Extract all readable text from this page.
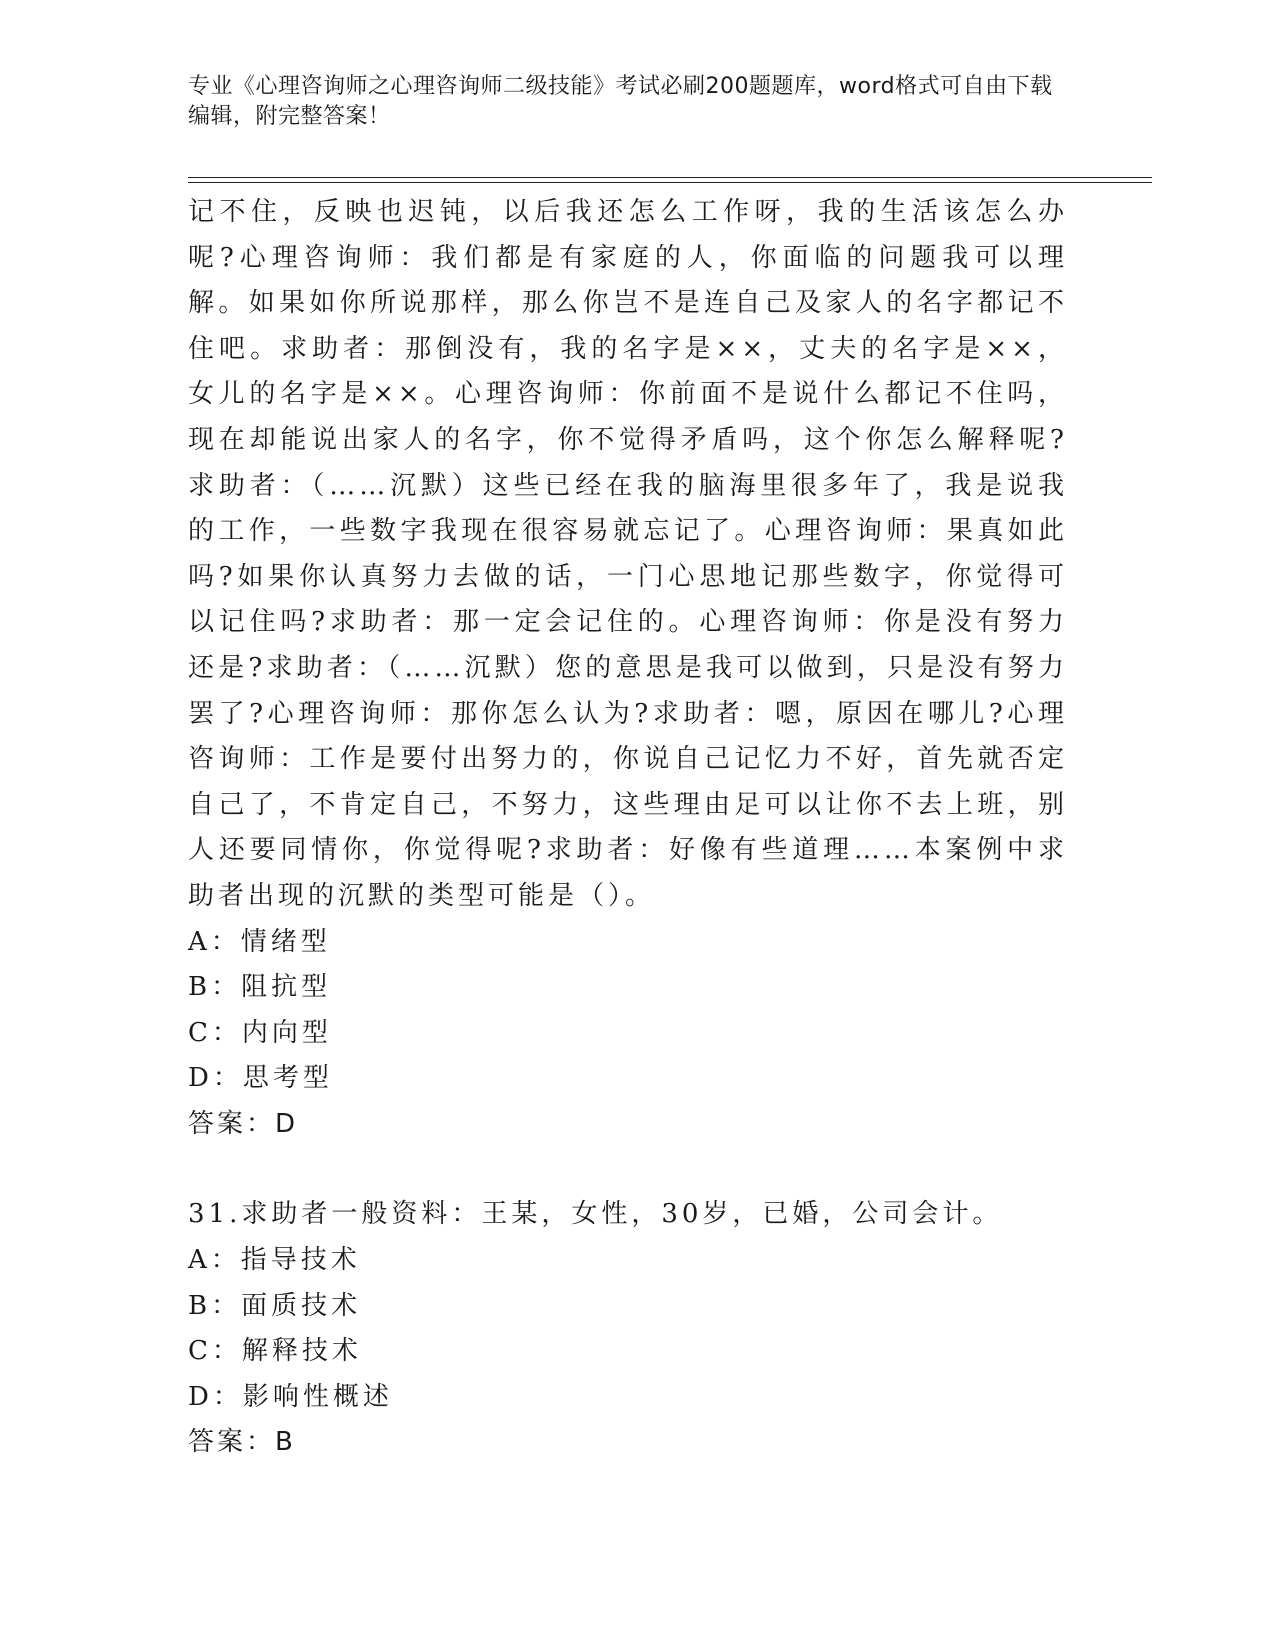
专业《心理咨询师之心理咨询师二级技能》考试必刷200题题库，word格式可自由下载编辑，附完整答案！

记不住，反映也迟钝，以后我还怎么工作呀，我的生活该怎么办呢?心理咨询师：我们都是有家庭的人，你面临的问题我可以理解。如果如你所说那样，那么你岂不是连自己及家人的名字都记不住吧。求助者：那倒没有，我的名字是××，丈夫的名字是××，女儿的名字是××。心理咨询师：你前面不是说什么都记不住吗，现在却能说出家人的名字，你不觉得矛盾吗，这个你怎么解释呢?求助者：（……沉默）这些已经在我的脑海里很多年了，我是说我的工作，一些数字我现在很容易就忘记了。心理咨询师：果真如此吗?如果你认真努力去做的话，一门心思地记那些数字，你觉得可以记住吗?求助者：那一定会记住的。心理咨询师：你是没有努力还是?求助者：（……沉默）您的意思是我可以做到，只是没有努力罢了?心理咨询师：那你怎么认为?求助者：嗯，原因在哪儿?心理咨询师：工作是要付出努力的，你说自己记忆力不好，首先就否定自己了，不肯定自己，不努力，这些理由足可以让你不去上班，别人还要同情你，你觉得呢?求助者：好像有些道理……本案例中求助者出现的沉默的类型可能是（）。

A：情绪型

B：阻抗型

C：内向型

D：思考型

答案：D

31.求助者一般资料：王某，女性，30岁，已婚，公司会计。

A：指导技术

B：面质技术

C：解释技术

D：影响性概述

答案：B
